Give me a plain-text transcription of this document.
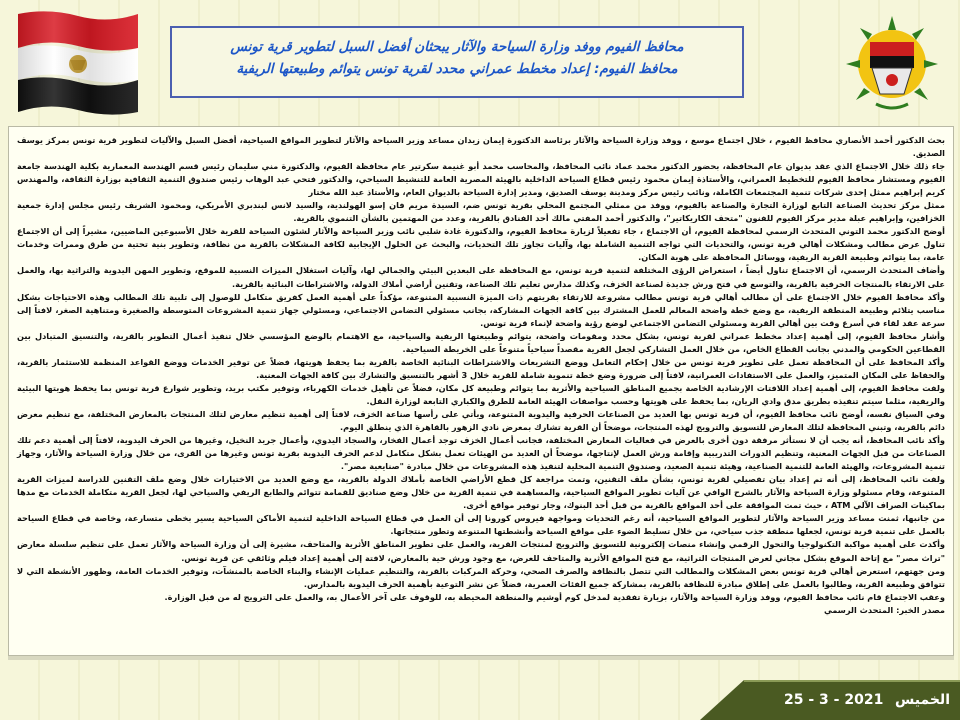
محافظ الفيوم ووفد وزارة السياحة والآثار يبحثان أفضل السبل لتطوير قرية تونس
محافظ الفيوم: إعداد مخطط عمراني محدد لقرية تونس يتوائم وطبيعتها الريفية

بحث الدكتور أحمد الأنصاري محافظ الفيوم ، خلال اجتماع موسع ، ووفد وزارة السياحة والآثار برئاسة الدكتورة إيمان زيدان مساعد وزير السياحة والآثار لتطوير المواقع السياحية، أفضل السبل والآليات لتطوير قرية تونس بمركز يوسف الصديق.

جاء ذلك خلال الاجتماع الذي عقد بديوان عام المحافظة، بحضور الدكتور محمد عماد نائب المحافظ، والمحاسب محمد أبو غنيمة سكرتير عام محافظة الفيوم، والدكتورة مني سليمان رئيس قسم الهندسة المعمارية بكلية الهندسة جامعة الفيوم ومستشار محافظ الفيوم للتخطيط العمراني، والأستاذة إيمان محمود رئيس قطاع السياحة الداخلية بالهيئة المصرية العامة للتنشيط السياحي، والدكتور فتحي عبد الوهاب رئيس صندوق التنمية الثقافية بوزارة الثقافة، والمهندس كريم إبراهيم ممثل إحدى شركات تنمية المجتمعات الكاملة، ونائب رئيس مركز ومدينة يوسف الصديق، ومدير إدارة السياحة بالديوان العام، والأستاذ عبد الله مختار

ممثل مركز تحديث الصناعة التابع لوزارة التجارة والصناعة بالفيوم، ووفد من ممثلي المجتمع المحلي بقرية تونس ضم، السيدة مريم فان إسو الهولندية، والسيد لانس لبندبري الأمريكي، ومحمود الشريف رئيس مجلس إدارة جمعية الخزافين، وإبراهيم عبلة مدير مركز الفيوم للفنون "متحف الكاريكاتير"، والدكتور أحمد المفتي مالك أحد الفنادق بالقرية، وعدد من المهتمين بالشأن التنموي بالقرية.

أوضح الدكتور محمد التوني المتحدث الرسمي لمحافظة الفيوم، أن الاجتماع ، جاء تفعيلاً لزيارة محافظ الفيوم، والدكتورة غادة شلبي نائب وزير السياحة والآثار لشئون السياحة للقرية خلال الأسبوعين الماضيين، مشيراً إلى أن الاجتماع تناول عرض مطالب ومشكلات أهالي قرية تونس، والتحديات التي تواجه التنمية الشاملة بها، وآليات تجاوز تلك التحديات، والبحث عن الحلول الإيجابية لكافة المشكلات بالقرية من نظافة، وتطوير بنية تحتية من طرق وممرات وخدمات عامة، بما يتوائم وطبيعة القرية الريفية، ووسائل المحافظة على هوية المكان.

وأضاف المتحدث الرسمي، أن الاجتماع تناول أيضاً ، استعراض الرؤى المختلفة لتنمية قرية تونس، مع المحافظة على البعدين البيئي والجمالي لها، وآليات استغلال الميزات النسبية للموقع، وتطوير المهن اليدوية والتراثية بها، والعمل على الارتقاء بالمنتجات الحرفية بالقرية، والتوسع في فتح ورش جديدة لصناعة الخزف، وكذلك مدارس تعليم تلك الصناعة، وتقنين أراضي أملاك الدولة، والاشتراطات البنائية بالقرية.

وأكد محافظ الفيوم خلال الاجتماع على أن مطالب أهالي قرية تونس مطالب مشروعة للارتقاء بقريتهم ذات الميزة النسبية المتنوعة، مؤكداً على أهمية العمل كفريق متكامل للوصول إلى تلبية تلك المطالب وهذه الاحتياجات بشكل مناسب يتلائم وطبيعة المنطقة الريفية، مع وضع خطة واضحة المعالم للعمل المشترك بين كافة الجهات المشاركة، بجانب مسئولي التضامن الاجتماعي، ومسئولي جهاز تنمية المشروعات المتوسطة والصغيرة ومتناهية الصغر، لافتاً إلى سرعة عقد لقاء في أسرع وقت بين أهالي القرية ومسئولي التضامن الاجتماعي لوضع رؤية واضحة لإنماء قرية تونس.

وأشار محافظ الفيوم، إلى أهمية إعداد مخطط عمراني لقرية تونس، بشكل محدد ومقومات واضحة، يتوائم وطبيعتها الريفية والسياحية، مع الاهتمام بالوضع المؤسسي خلال تنفيذ أعمال التطوير بالقرية، والتنسيق المتبادل بين القطاعين الحكومي والمدني بجانب القطاع الخاص، من خلال العمل التشاركي لجعل القرية مقصداً سياحياً متنوعاً على الخريطة السياحية.

وأكد المحافظ على أن المحافظة تعمل على تطوير قرية تونس من خلال إحكام التعامل ووضع التشريعات والاشتراطات البنائية الخاصة بالقرية بما يحفظ هويتها، فضلاً عن توفير الخدمات ووضع القواعد المنظمة للاستثمار بالقرية، والحفاظ على المكان المتميز، والعمل على الاستفادات العمرانية، لافتاً إلى ضرورة وضع خطة تنموية شاملة للقرية خلال 3 أشهر بالتنسيق والتشارك بين كافة الجهات المعنية.

ولفت محافظ الفيوم، إلى أهمية إعداد اللافتات الإرشادية الخاصة بجميع المناطق السياحية والأثرية بما يتوائم وطبيعة كل مكان، فضلاً عن تأهيل خدمات الكهرباء، وتوفير مكتب بريد، وتطوير شوارع قرية تونس بما يحفظ هويتها البيئية والريفية، مثلما سيتم تنفيذه بطريق مدق وادي الريان، بما يحفظ على هويتها وحسب مواصفات الهيئة العامة للطرق والكباري التابعة لوزارة النقل.

وفي السياق نفسه، أوضح نائب محافظ الفيوم، أن قرية تونس بها العديد من الصناعات الحرفية واليدوية المتنوعة، ويأتي على رأسها صناعة الخزف، لافتاً إلى أهمية تنظيم معارض لتلك المنتجات بالمعارض المختلفة، مع تنظيم معرض دائم بالقرية، وتبني المحافظة لتلك المعارض للتسويق والترويج لهذه المنتجات، موضحاً أن القرية تشارك بمعرض نادي الزهور بالقاهرة الذي ينطلق اليوم.

وأكد نائب المحافظ، أنه يجب أن لا نستأثر مرفقة دون أخرى بالعرض في فعاليات المعارض المختلفة، فجانب أعمال الخزف توجد أعمال الفخار، والسجاد اليدوي، وأعمال جريد النخيل، وغيرها من الحرف اليدوية، لافتاً إلى أهمية دعم تلك الصناعات من قبل الجهات المعنية، وتنظيم الدورات التدريبية وإقامة ورش العمل لإنتاجها، موضحاً أن العديد من الهيئات تعمل بشكل متكامل لدعم الحرف اليدوية بقرية تونس وغيرها من القرى، من خلال وزارة السياحة والآثار، وجهاز تنمية المشروعات، والهيئة العامة للتنمية الصناعية، وهيئة تنمية الصعيد، وصندوق التنمية المحلية لتنفيذ هذه المشروعات من خلال مبادرة "صنايعية مصر".

ولفت نائب المحافظ، إلى أنه تم إعداد بيان تفصيلي لقرية تونس، بشأن ملف التقنين، وتمت مراجعة كل قطع الأراضي الخاصة بأملاك الدولة بالقرية، مع وضع العديد من الاختيارات خلال وضع ملف التقنين للدراسة لميزات القرية المتنوعة، وقام مسئولو وزارة السياحة والآثار بالشرح الوافي عن آليات تطوير المواقع السياحية، والمساهمة في تنمية القرية من خلال وضع صناديق للقمامة تتوائم والطابع الريفي والسياحي لها، لجعل القرية متكاملة الخدمات مع مدها بماكينات الصراف الآلي ATM ، حيث تمت الموافقة على أحد المواقع بالقرية من قبل أحد البنوك، وجار توفير مواقع أخرى.

من جانبها، ثمنت مساعد وزير السياحة والآثار لتطوير المواقع السياحية، أنه رغم التحديات ومواجهة فيروس كورونا إلى أن العمل في قطاع السياحة الداخلية لتنمية الأماكن السياحية يسير بخطى متسارعة، وخاصة في قطاع السياحة بالعمل على تنمية قرية تونس، لجعلها منطقة جذب سياحي، من خلال تسليط الضوء على مواقع السياحة وأنشطتها المتنوعة وتطور منتجاتها.

وأكدت على أهمية مواكبة التكنولوجيا والتحول الرقمي وإنشاء منصات إلكترونية للتسويق والترويج لمنتجات القرية، والعمل على تطوير المناطق الأثرية والمتاحف، مشيرة إلى أن وزارة السياحة والآثار تعمل على تنظيم سلسلة معارض "تراث مصر" مع إتاحة الموقع بشكل مجاني لعرض المنتجات التراثية، مع فتح المواقع الأثرية والمتاحف للعرض، مع وجود ورش حية بالمعارض، لافتة إلى أهمية إعداد فيلم وثائقي عن قرية تونس.

ومن جهتهم، استعرض أهالي قرية تونس بعض المشكلات والمطالب التي تتصل بالنظافة والصرف الصحي، وحركة المركبات بالقرية، والتنظيم عمليات الإنشاء والبناء الخاصة بالمنشآت، وتوفير الخدمات العامة، وظهور الأنشطة التي لا تتوافق وطبيعة القرية، وطالبوا بالعمل على إطلاق مبادرة للنظافة بالقرية، بمشاركة جميع الفئات العمرية، فضلاً عن نشر التوعية بأهمية الحرف اليدوية بالمدارس.

وعقب الاجتماع قام نائب محافظ الفيوم، ووفد وزارة السياحة والآثار، بزيارة تفقدية لمدخل كوم أوشيم والمنطقة المحيطة به، للوقوف على آخر الأعمال به، والعمل على الترويج له من قبل الوزارة.

مصدر الخبر: المتحدث الرسمي

الخميس
25 - 3 - 2021
